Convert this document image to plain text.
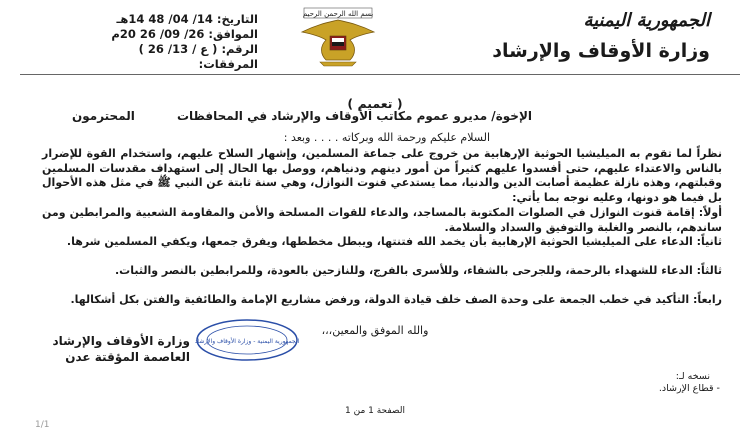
الجمهورية اليمنية
وزارة الأوقاف والإرشاد
بسم الله الرحمن الرحيم
التاريخ: 14/ 04/ 48 14هـ
الموافق: 26/ 09/ 26 20م
الرقم: ( ع / 13/ 26 )
المرفقات:
( تعميم )
الإخوة/ مديرو عموم مكاتب الأوقاف والإرشاد في المحافظات
المحترمون
السلام عليكم ورحمة الله وبركاته . . . . وبعد :
نظراً لما تقوم به الميليشيا الحوثية الإرهابية من خروج على جماعة المسلمين، وإشهار السلاح عليهم، واستخدام القوة للإضرار بالناس والاعتداء عليهم، حتى أفسدوا عليهم كثيراً من أمور دينهم ودنياهم، ووصل بها الحال إلى استهداف مقدسات المسلمين وقبلتهم، وهذه نازلة عظيمة أصابت الدين والدنيا، مما يستدعي قنوت النوازل، وهي سنة ثابتة عن النبي ﷺ في مثل هذه الأحوال بل فيما هو دونها، وعليه نوجه بما يأتي:
أولاً: إقامة قنوت النوازل في الصلوات المكتوبة بالمساجد، والدعاء للقوات المسلحة والأمن والمقاومة الشعبية والمرابطين ومن ساندهم، بالنصر والغلبة والتوفيق والسداد والسلامة.
ثانياً: الدعاء على الميليشيا الحوثية الإرهابية بأن يخمد الله فتنتها، ويبطل مخططها، ويفرق جمعها، ويكفي المسلمين شرها.
ثالثاً: الدعاء للشهداء بالرحمة، وللجرحى بالشفاء، وللأسرى بالفرج، وللنازحين بالعودة، وللمرابطين بالنصر والثبات.
رابعاً: التأكيد في خطب الجمعة على وحدة الصف خلف قيادة الدولة، ورفض مشاريع الإمامة والطائفية والفتن بكل أشكالها.
والله الموفق والمعين،،،
وزارة الأوقاف والإرشاد
العاصمة المؤقتة عدن
الجمهورية اليمنية - وزارة الأوقاف والإرشاد
نسخه لـ:
- قطاع الإرشاد.
الصفحة 1 من 1
1/1
